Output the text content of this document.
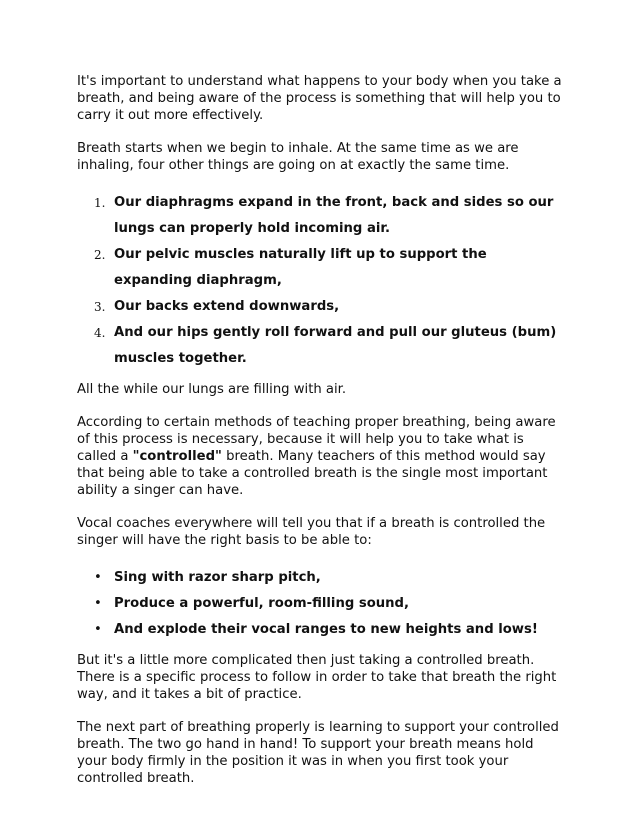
It's important to understand what happens to your body when you take a breath, and being aware of the process is something that will help you to carry it out more effectively.

Breath starts when we begin to inhale. At the same time as we are inhaling, four other things are going on at exactly the same time.

1. Our diaphragms expand in the front, back and sides so our lungs can properly hold incoming air.
2. Our pelvic muscles naturally lift up to support the expanding diaphragm,
3. Our backs extend downwards,
4. And our hips gently roll forward and pull our gluteus (bum) muscles together.

All the while our lungs are filling with air.

According to certain methods of teaching proper breathing, being aware of this process is necessary, because it will help you to take what is called a "controlled" breath. Many teachers of this method would say that being able to take a controlled breath is the single most important ability a singer can have.

Vocal coaches everywhere will tell you that if a breath is controlled the singer will have the right basis to be able to:

• Sing with razor sharp pitch,
• Produce a powerful, room-filling sound,
• And explode their vocal ranges to new heights and lows!

But it's a little more complicated then just taking a controlled breath. There is a specific process to follow in order to take that breath the right way, and it takes a bit of practice.

The next part of breathing properly is learning to support your controlled breath. The two go hand in hand! To support your breath means hold your body firmly in the position it was in when you first took your controlled breath.
